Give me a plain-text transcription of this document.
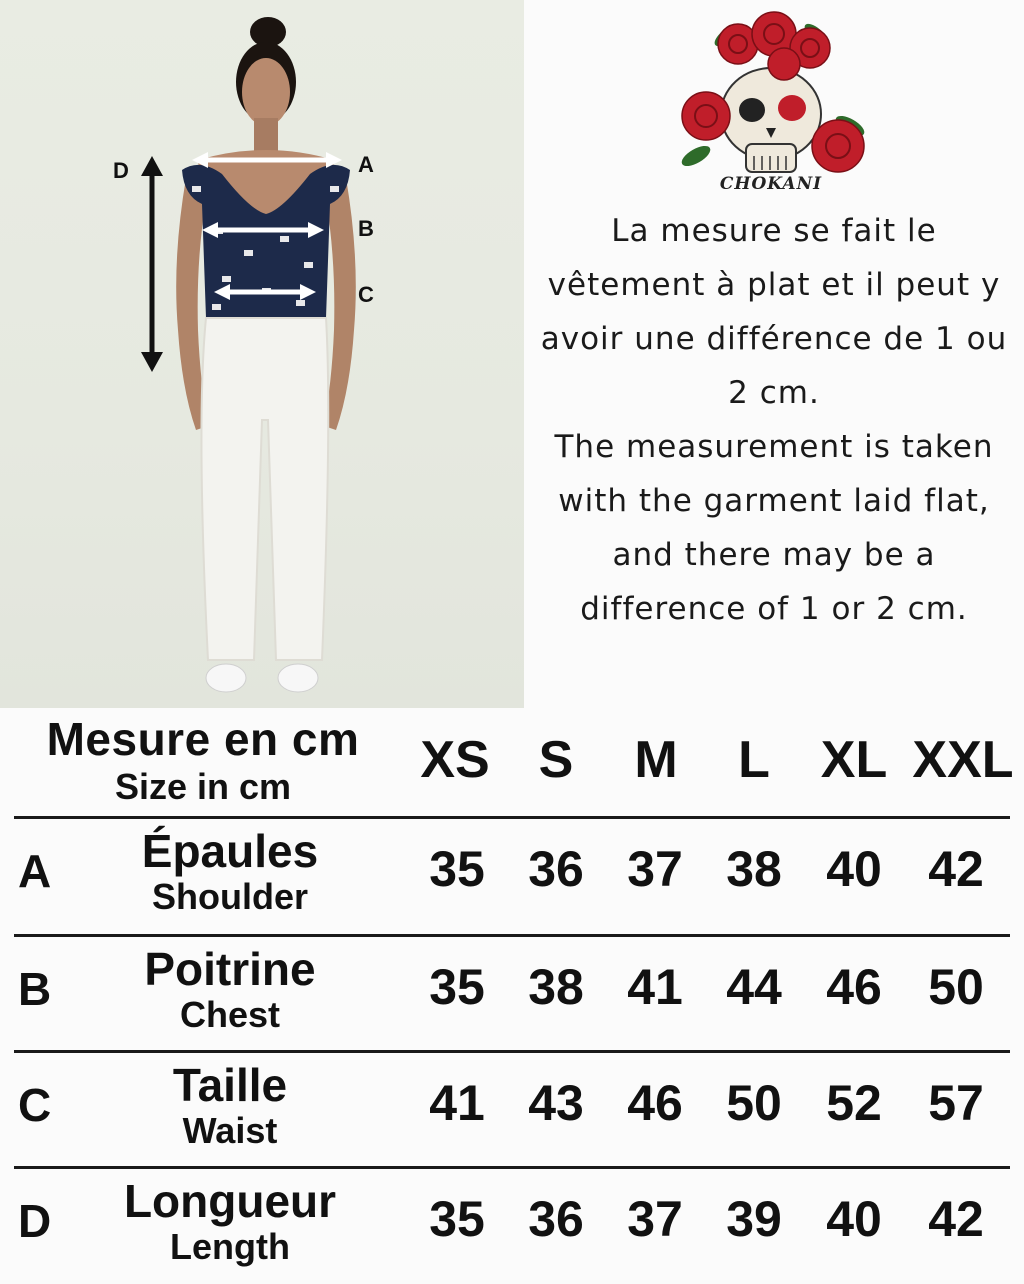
D	A
B
C
CHOKANI

La mesure se fait le vêtement à plat et il peut y avoir une différence de 1 ou 2 cm.

The measurement is taken with the garment laid flat, and there may be a difference of 1 or 2 cm.

Mesure en cm
Size in cm	XS S	M	L XL XXL
A	Épaules
Shoulder	35 36 37 38 40 42
B	Poitrine
Chest	35 38 41 44 46 50
C	Taille
Waist	41 43 46 50 52 57
D	Longueur
Length	35 36 37 39 40 42
